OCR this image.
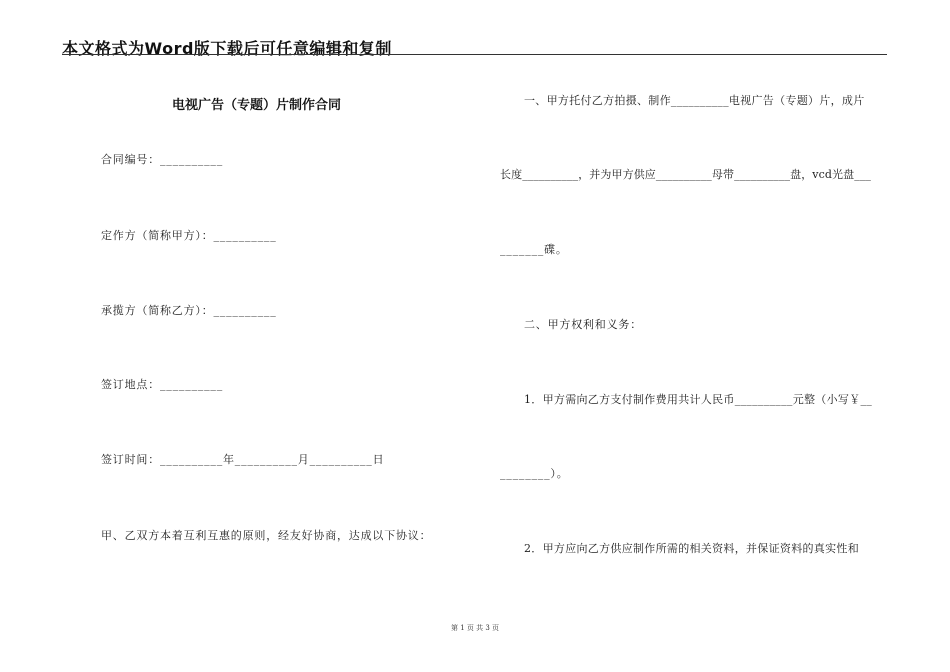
本文格式为Word版下载后可任意编辑和复制
电视广告（专题）片制作合同
合同编号：__________
定作方（简称甲方）：__________
承揽方（简称乙方）：__________
签订地点：__________
签订时间：__________年__________月__________日
甲、乙双方本着互利互惠的原则，经友好协商，达成以下协议：
一、甲方托付乙方拍摄、制作__________电视广告（专题）片，成片
长度__________，并为甲方供应__________母带__________盘，vcd光盘___
_______碟。
二、甲方权利和义务：
1．甲方需向乙方支付制作费用共计人民币__________元整（小写￥__
________）。
2．甲方应向乙方供应制作所需的相关资料，并保证资料的真实性和
第 1 页 共 3 页
